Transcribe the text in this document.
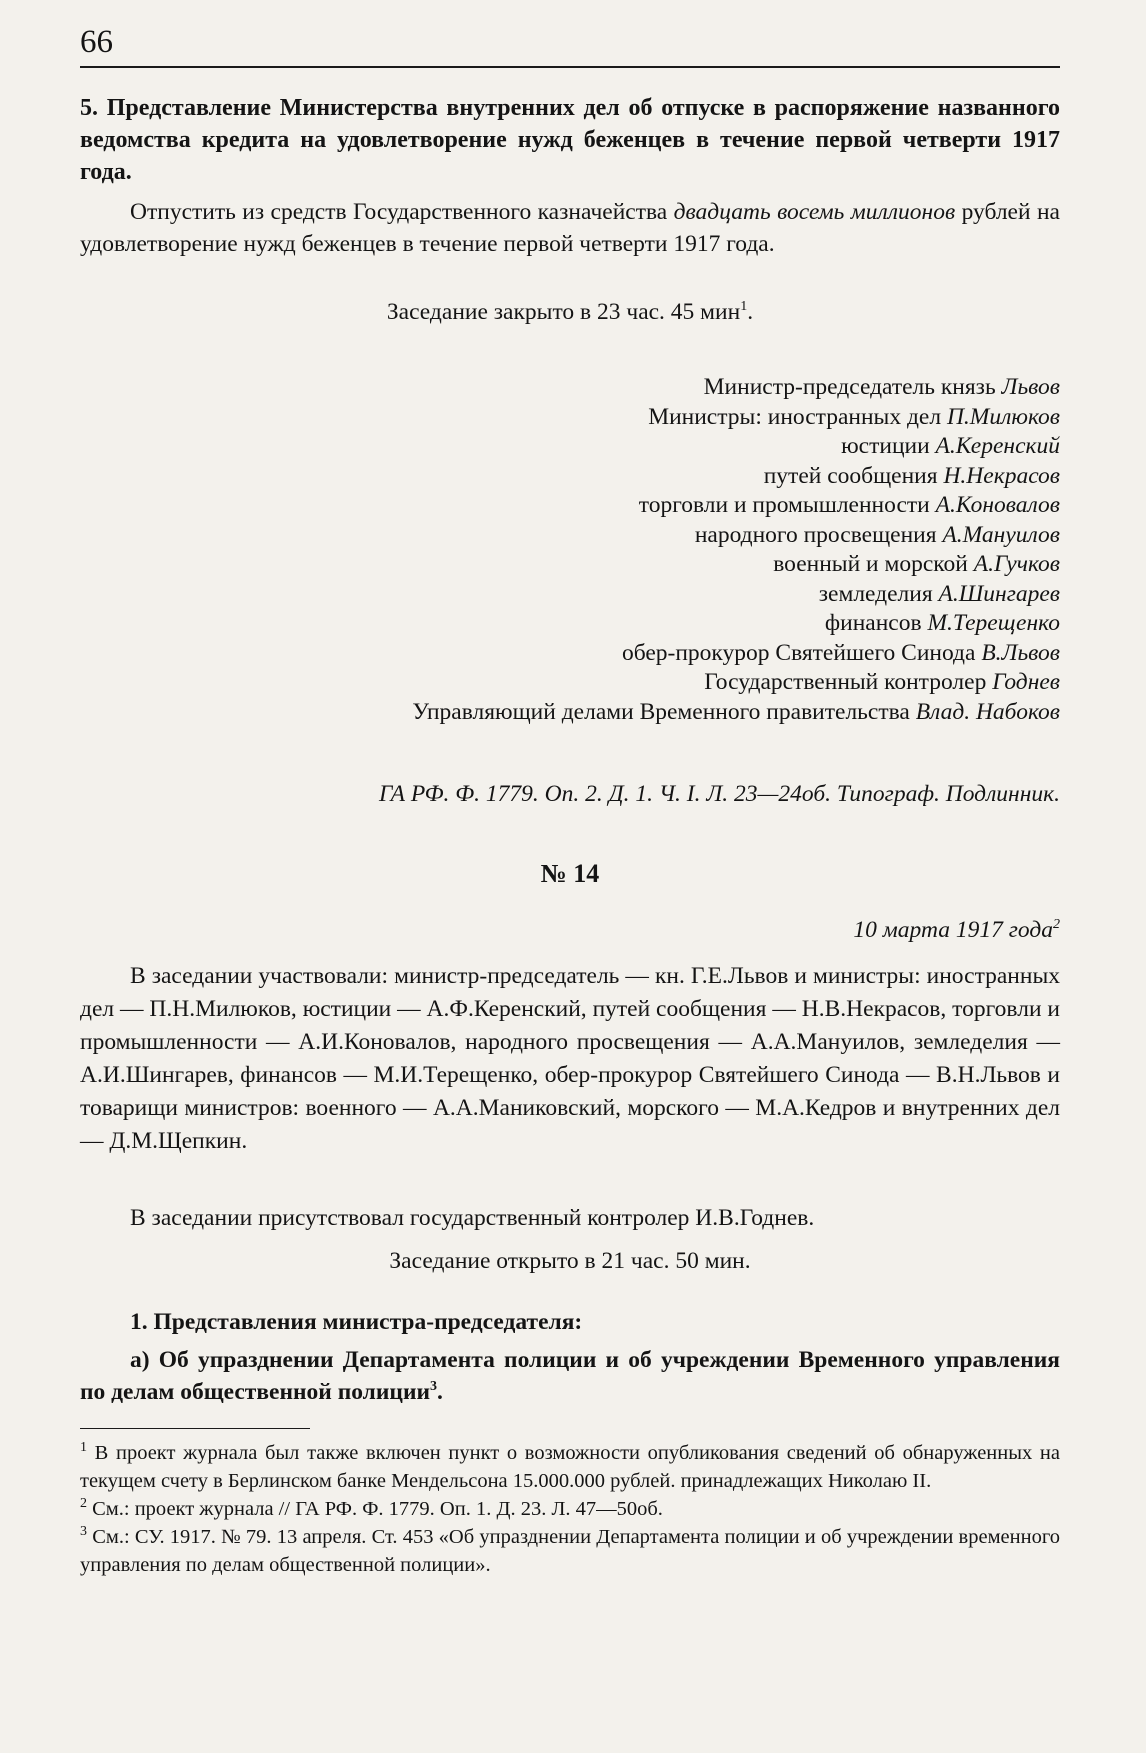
66
5. Представление Министерства внутренних дел об отпуске в распоряжение названного ведомства кредита на удовлетворение нужд беженцев в течение первой четверти 1917 года.
Отпустить из средств Государственного казначейства двадцать восемь миллионов рублей на удовлетворение нужд беженцев в течение первой четверти 1917 года.
Заседание закрыто в 23 час. 45 мин$^1$.
Министр-председатель князь Львов
Министры: иностранных дел П.Милюков
юстиции А.Керенский
путей сообщения Н.Некрасов
торговли и промышленности А.Коновалов
народного просвещения А.Мануилов
военный и морской А.Гучков
земледелия А.Шингарев
финансов М.Терещенко
обер-прокурор Святейшего Синода В.Львов
Государственный контролер Годнев
Управляющий делами Временного правительства Влад. Набоков
ГА РФ. Ф. 1779. Оп. 2. Д. 1. Ч. I. Л. 23—24об. Типограф. Подлинник.
№ 14
10 марта 1917 года$^2$
В заседании участвовали: министр-председатель — кн. Г.Е.Львов и министры: иностранных дел — П.Н.Милюков, юстиции — А.Ф.Керенский, путей сообщения — Н.В.Некрасов, торговли и промышленности — А.И.Коновалов, народного просвещения — А.А.Мануилов, земледелия — А.И.Шингарев, финансов — М.И.Терещенко, обер-прокурор Святейшего Синода — В.Н.Львов и товарищи министров: военного — А.А.Маниковский, морского — М.А.Кедров и внутренних дел — Д.М.Щепкин.
В заседании присутствовал государственный контролер И.В.Годнев.
Заседание открыто в 21 час. 50 мин.
1. Представления министра-председателя:
а) Об упразднении Департамента полиции и об учреждении Временного управления по делам общественной полиции$^3$.
$^1$ В проект журнала был также включен пункт о возможности опубликования сведений об обнаруженных на текущем счету в Берлинском банке Мендельсона 15.000.000 рублей. принадлежащих Николаю II.
$^2$ См.: проект журнала // ГА РФ. Ф. 1779. Оп. 1. Д. 23. Л. 47—50об.
$^3$ См.: СУ. 1917. № 79. 13 апреля. Ст. 453 «Об упразднении Департамента полиции и об учреждении временного управления по делам общественной полиции».
